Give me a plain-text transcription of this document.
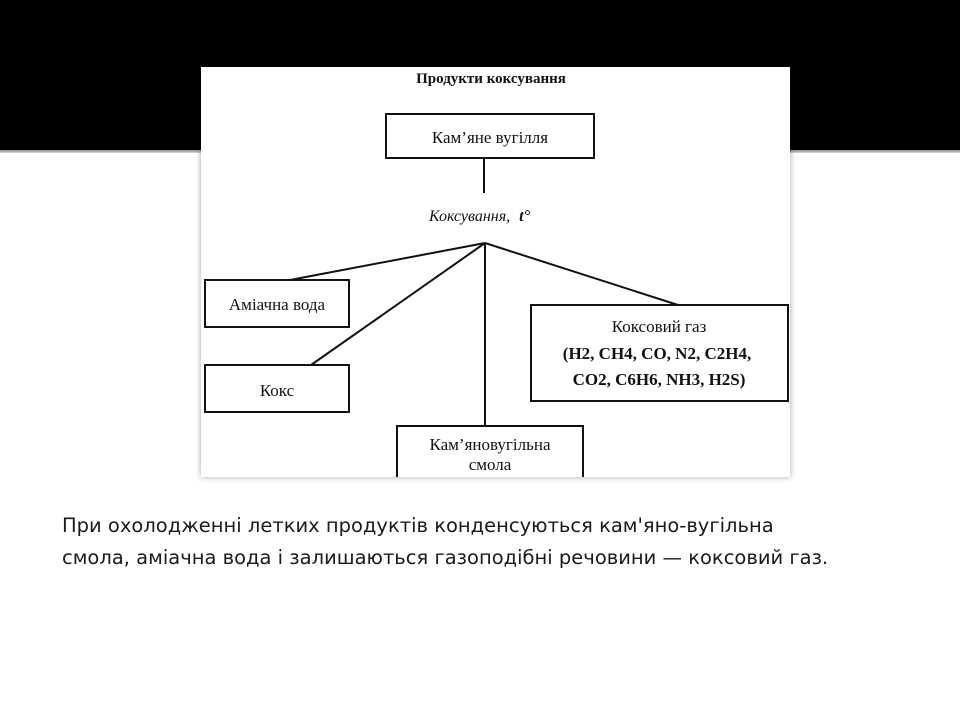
Продукти коксування
Кам’яне вугілля
Коксування, t°
Аміачна вода
Кокс
Кам’яновугільна
смола
Коксовий газ
(H2, CH4, CO, N2, C2H4,
CO2, C6H6, NH3, H2S)

При охолодженні летких продуктів конденсуються кам'яно-вугільна
смола, аміачна вода і залишаються газоподібні речовини — коксовий газ.
